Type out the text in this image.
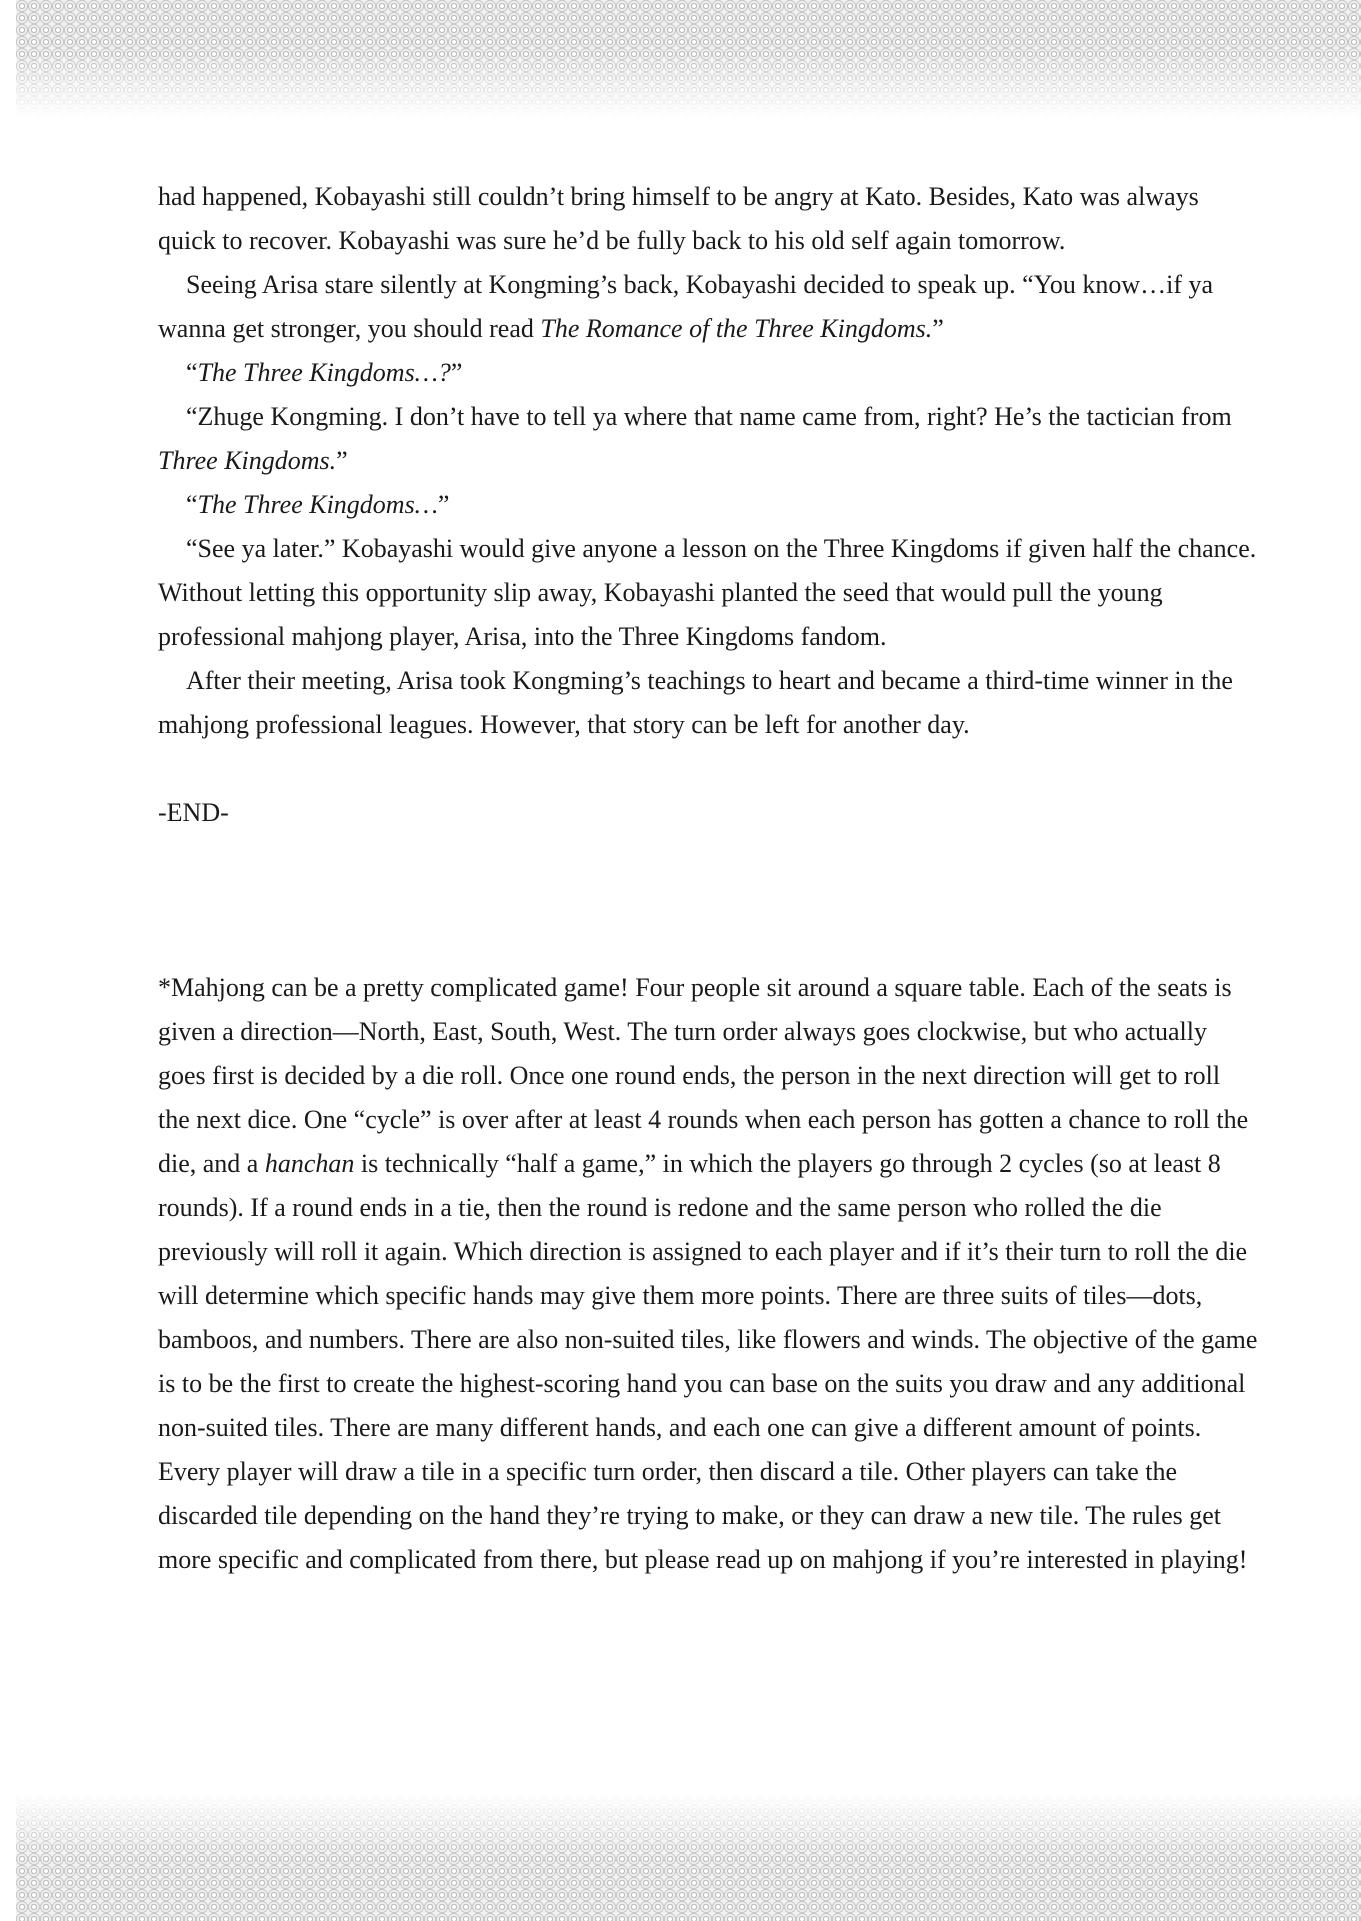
had happened, Kobayashi still couldn’t bring himself to be angry at Kato. Besides, Kato was always quick to recover. Kobayashi was sure he’d be fully back to his old self again tomorrow.

Seeing Arisa stare silently at Kongming’s back, Kobayashi decided to speak up. “You know…if ya wanna get stronger, you should read The Romance of the Three Kingdoms.”

“The Three Kingdoms…?”

“Zhuge Kongming. I don’t have to tell ya where that name came from, right? He’s the tactician from Three Kingdoms.”

“The Three Kingdoms…”

“See ya later.” Kobayashi would give anyone a lesson on the Three Kingdoms if given half the chance. Without letting this opportunity slip away, Kobayashi planted the seed that would pull the young professional mahjong player, Arisa, into the Three Kingdoms fandom.

After their meeting, Arisa took Kongming’s teachings to heart and became a third-time winner in the mahjong professional leagues. However, that story can be left for another day.

-END-

*Mahjong can be a pretty complicated game! Four people sit around a square table. Each of the seats is given a direction—North, East, South, West. The turn order always goes clockwise, but who actually goes first is decided by a die roll. Once one round ends, the person in the next direction will get to roll the next dice. One “cycle” is over after at least 4 rounds when each person has gotten a chance to roll the die, and a hanchan is technically “half a game,” in which the players go through 2 cycles (so at least 8 rounds). If a round ends in a tie, then the round is redone and the same person who rolled the die previously will roll it again. Which direction is assigned to each player and if it’s their turn to roll the die will determine which specific hands may give them more points. There are three suits of tiles—dots, bamboos, and numbers. There are also non-suited tiles, like flowers and winds. The objective of the game is to be the first to create the highest-scoring hand you can base on the suits you draw and any additional non-suited tiles. There are many different hands, and each one can give a different amount of points. Every player will draw a tile in a specific turn order, then discard a tile. Other players can take the discarded tile depending on the hand they’re trying to make, or they can draw a new tile. The rules get more specific and complicated from there, but please read up on mahjong if you’re interested in playing!
